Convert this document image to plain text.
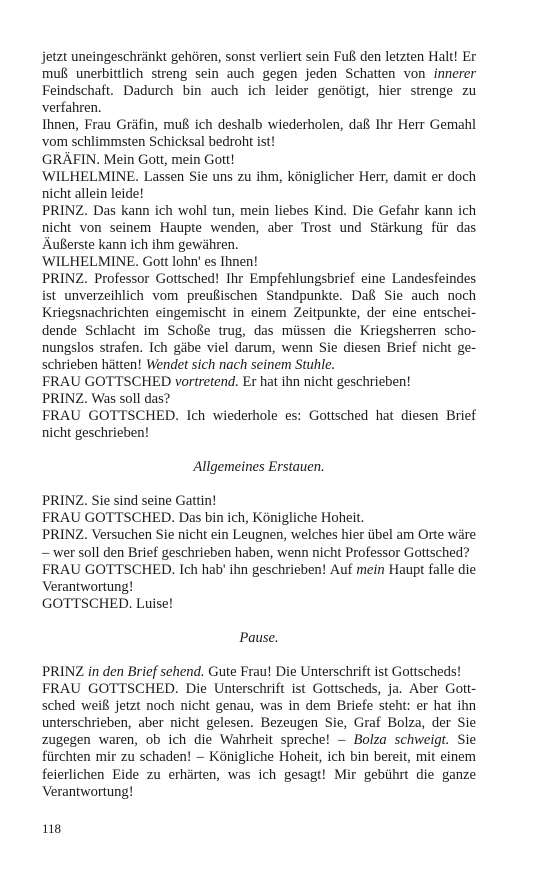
jetzt uneingeschränkt gehören, sonst verliert sein Fuß den letzten Halt! Er muß unerbittlich streng sein auch gegen jeden Schatten von innerer Feindschaft. Dadurch bin auch ich leider genötigt, hier strenge zu verfahren.

Ihnen, Frau Gräfin, muß ich deshalb wiederholen, daß Ihr Herr Gemahl vom schlimmsten Schicksal bedroht ist!

GRÄFIN. Mein Gott, mein Gott!

WILHELMINE. Lassen Sie uns zu ihm, königlicher Herr, damit er doch nicht allein leide!

PRINZ. Das kann ich wohl tun, mein liebes Kind. Die Gefahr kann ich nicht von seinem Haupte wenden, aber Trost und Stärkung für das Äußerste kann ich ihm gewähren.

WILHELMINE. Gott lohn' es Ihnen!

PRINZ. Professor Gottsched! Ihr Empfehlungsbrief eine Landesfeindes ist unverzeihlich vom preußischen Standpunkte. Daß Sie auch noch Kriegsnachrichten eingemischt in einem Zeitpunkte, der eine entscheidende Schlacht im Schoße trug, das müssen die Kriegsherren schonungslos strafen. Ich gäbe viel darum, wenn Sie diesen Brief nicht geschrieben hätten! Wendet sich nach seinem Stuhle.

FRAU GOTTSCHED vortretend. Er hat ihn nicht geschrieben!

PRINZ. Was soll das?

FRAU GOTTSCHED. Ich wiederhole es: Gottsched hat diesen Brief nicht geschrieben!

Allgemeines Erstauen.

PRINZ. Sie sind seine Gattin!

FRAU GOTTSCHED. Das bin ich, Königliche Hoheit.

PRINZ. Versuchen Sie nicht ein Leugnen, welches hier übel am Orte wäre – wer soll den Brief geschrieben haben, wenn nicht Professor Gottsched?

FRAU GOTTSCHED. Ich hab' ihn geschrieben! Auf mein Haupt falle die Verantwortung!

GOTTSCHED. Luise!

Pause.

PRINZ in den Brief sehend. Gute Frau! Die Unterschrift ist Gottscheds!

FRAU GOTTSCHED. Die Unterschrift ist Gottscheds, ja. Aber Gottsched weiß jetzt noch nicht genau, was in dem Briefe steht: er hat ihn unterschrieben, aber nicht gelesen. Bezeugen Sie, Graf Bolza, der Sie zugegen waren, ob ich die Wahrheit spreche! – Bolza schweigt. Sie fürchten mir zu schaden! – Königliche Hoheit, ich bin bereit, mit einem feierlichen Eide zu erhärten, was ich gesagt! Mir gebührt die ganze Verantwortung!

118
